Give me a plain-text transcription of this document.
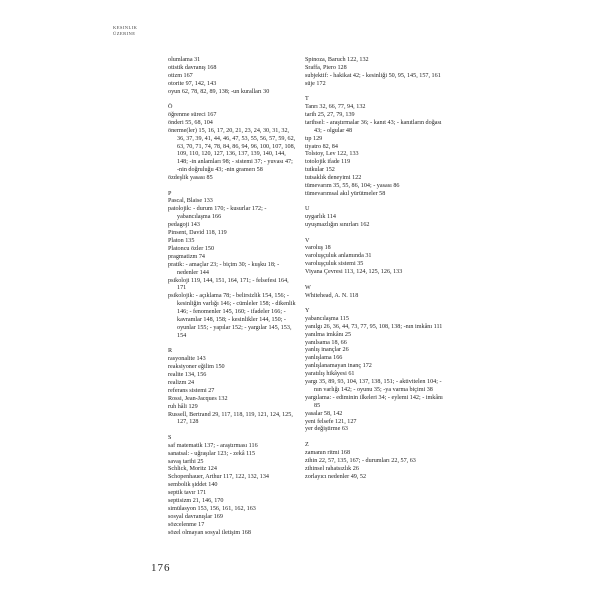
KESINLIK
ÜZERINE
olumlama 31
otistik davranış 168
otizm 167
otorite 97, 142, 143
oyun 62, 78, 82, 89, 138; -un kuralları 30
Ö
öğrenme süreci 167
önderi 55, 68, 104
önerme(ler) 15, 16, 17, 20, 21, 23, 24, 30, 31, 32, 36, 37, 39, 41, 44, 46, 47, 53, 55, 56, 57, 59, 62, 63, 70, 71, 74, 78, 84, 86, 94, 96, 100, 107, 108, 109, 110, 120, 127, 136, 137, 139, 140, 144, 148; -in anlamları 98; - sistemi 37; - yuvası 47; -nin doğruluğu 43; -nin gramerı 58
özdeşlik yasası 85
P
Pascal, Blaise 133
patolojik: - durum 170; - kusurlar 172; - yabancılaşma 166
pedagoji 143
Pinsent, David 118, 119
Platon 135
Platoncu özler 150
pragmatizm 74
pratik: - amaçlar 23; - biçim 30; - kuşku 18; - nedenler 144
psikoloji 119, 144, 151, 164, 171; - felsefesi 164, 171
psikolojik: - açıklama 78; - belirsizlik 154, 156; - kesinliğin varlığı 146; - cümleler 158; - dikenlik 146; - fenomenler 145, 160; - ifadeler 166; - kavramlar 148, 158; - kesinlikler 144, 150; -oyunlar 155; - yapılar 152; - yargılar 145, 153, 154
R
rasyonalite 143
reaksiyoner eğilim 150
realite 134, 156
realizm 24
referans sistemi 27
Rossi, Jean-Jacques 132
ruh hâli 129
Russell, Bertrand 29, 117, 118, 119, 121, 124, 125, 127, 128
S
saf matematik 137; - araştırması 116
sanatsal: - uğraşılar 123; - zekâ 115
savaş tarihi 25
Schlick, Moritz 124
Schopenhauer, Arthur 117, 122, 132, 134
sembolik şiddet 140
septik tavır 171
septisizm 21, 146, 170
simülasyon 153, 156, 161, 162, 163
sosyal davranışlar 169
sözcelenme 17
sözel olmayan sosyal iletişim 168
Spinoza, Baruch 122, 132
Sraffa, Piero 128
subjektif: - hakikat 42; - kesinliği 50, 95, 145, 157, 161
süje 172
T
Tanrı 32, 66, 77, 94, 132
tarih 25, 27, 79, 139
tarihsel: - araştırmalar 36; - kanıt 43; - kanıtların doğası 43; - olgular 48
tıp 129
tiyatro 82, 84
Tolstoy, Lev 122, 133
totolojik ifade 119
tutkular 152
tutsaklık deneyimi 122
tümevarım 35, 55, 86, 104; - yasası 86
tümevarımsal akıl yürütmeler 58
U
uygarlık 114
uyuşmazlığın sınırları 162
V
varoluş 18
varoluşçuluk anlamında 31
varoluşçuluk sistemi 35
Viyana Çevresi 113, 124, 125, 126, 133
W
Whitehead, A. N. 118
Y
yabancılaşma 115
yanılgı 26, 36, 44, 73, 77, 95, 108, 138; -nın imkânı 111
yanılma imkânı 25
yanılsama 18, 66
yanlış inançlar 26
yanlışlama 166
yanlışlanamayan inanç 172
yaratılış hikâyesi 61
yargı 35, 89, 93, 104, 137, 138, 151; - aktivitelen 104; -nın varlığı 142; - oyunu 35; -ya varma biçimi 38
yargılama: - ediminin ilkeleri 34; - eylemi 142; - imkânı 85
yasalar 58, 142
yeni felsefe 121, 127
yer değiştirme 63
Z
zamanın ritmi 168
zihin 22, 57, 135, 167; - durumları 22, 57, 63
zihinsel rahatsızlık 26
zorlayıcı nedenler 49, 52
176
